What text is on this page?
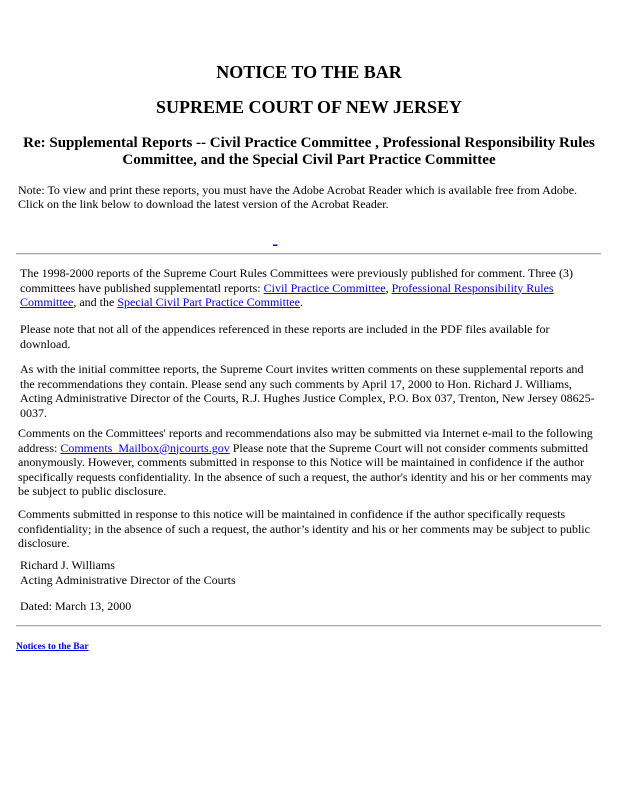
NOTICE TO THE BAR
SUPREME COURT OF NEW JERSEY
Re: Supplemental Reports -- Civil Practice Committee , Professional Responsibility Rules Committee, and the Special Civil Part Practice Committee
Note: To view and print these reports, you must have the Adobe Acrobat Reader which is available free from Adobe. Click on the link below to download the latest version of the Acrobat Reader.
_

The 1998-2000 reports of the Supreme Court Rules Committees were previously published for comment. Three (3) committees have published supplementatl reports: Civil Practice Committee, Professional Responsibility Rules Committee, and the Special Civil Part Practice Committee.

Please note that not all of the appendices referenced in these reports are included in the PDF files available for download.

As with the initial committee reports, the Supreme Court invites written comments on these supplemental reports and the recommendations they contain. Please send any such comments by April 17, 2000 to Hon. Richard J. Williams, Acting Administrative Director of the Courts, R.J. Hughes Justice Complex, P.O. Box 037, Trenton, New Jersey 08625-0037.

Comments on the Committees' reports and recommendations also may be submitted via Internet e-mail to the following address: Comments_Mailbox@njcourts.gov Please note that the Supreme Court will not consider comments submitted anonymously. However, comments submitted in response to this Notice will be maintained in confidence if the author specifically requests confidentiality. In the absence of such a request, the author's identity and his or her comments may be subject to public disclosure.

Comments submitted in response to this notice will be maintained in confidence if the author specifically requests confidentiality; in the absence of such a request, the author’s identity and his or her comments may be subject to public disclosure.

Richard J. Williams

Acting Administrative Director of the Courts

Dated: March 13, 2000

Notices to the Bar
